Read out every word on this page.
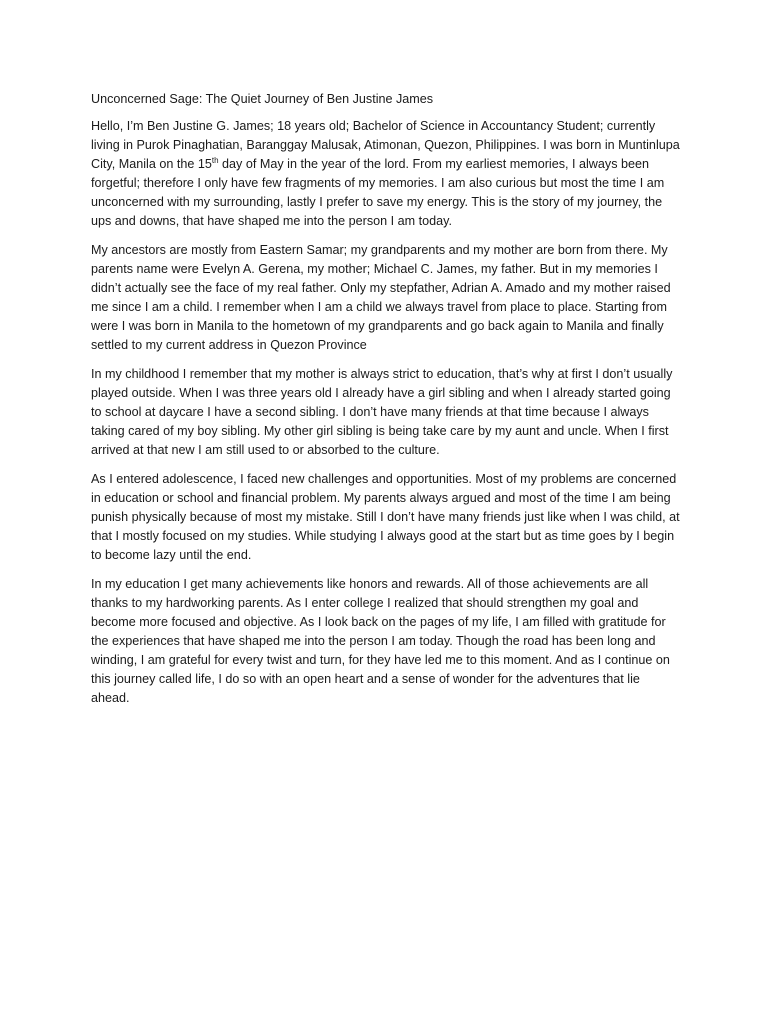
Unconcerned Sage: The Quiet Journey of Ben Justine James

Hello, I’m Ben Justine G. James; 18 years old; Bachelor of Science in Accountancy Student; currently living in Purok Pinaghatian, Baranggay Malusak, Atimonan, Quezon, Philippines. I was born in Muntinlupa City, Manila on the 15th day of May in the year of the lord. From my earliest memories, I always been forgetful; therefore I only have few fragments of my memories. I am also curious but most the time I am unconcerned with my surrounding, lastly I prefer to save my energy. This is the story of my journey, the ups and downs, that have shaped me into the person I am today.

My ancestors are mostly from Eastern Samar; my grandparents and my mother are born from there. My parents name were Evelyn A. Gerena, my mother; Michael C. James, my father. But in my memories I didn’t actually see the face of my real father. Only my stepfather, Adrian A. Amado and my mother raised me since I am a child. I remember when I am a child we always travel from place to place. Starting from were I was born in Manila to the hometown of my grandparents and go back again to Manila and finally settled to my current address in Quezon Province

In my childhood I remember that my mother is always strict to education, that’s why at first I don’t usually played outside. When I was three years old I already have a girl sibling and when I already started going to school at daycare I have a second sibling. I don’t have many friends at that time because I always taking cared of my boy sibling. My other girl sibling is being take care by my aunt and uncle. When I first arrived at that new I am still used to or absorbed to the culture.

As I entered adolescence, I faced new challenges and opportunities. Most of my problems are concerned in education or school and financial problem. My parents always argued and most of the time I am being punish physically because of most my mistake. Still I don’t have many friends just like when I was child, at that I mostly focused on my studies. While studying I always good at the start but as time goes by I begin to become lazy until the end.

In my education I get many achievements like honors and rewards. All of those achievements are all thanks to my hardworking parents. As I enter college I realized that should strengthen my goal and become more focused and objective. As I look back on the pages of my life, I am filled with gratitude for the experiences that have shaped me into the person I am today. Though the road has been long and winding, I am grateful for every twist and turn, for they have led me to this moment. And as I continue on this journey called life, I do so with an open heart and a sense of wonder for the adventures that lie ahead.
